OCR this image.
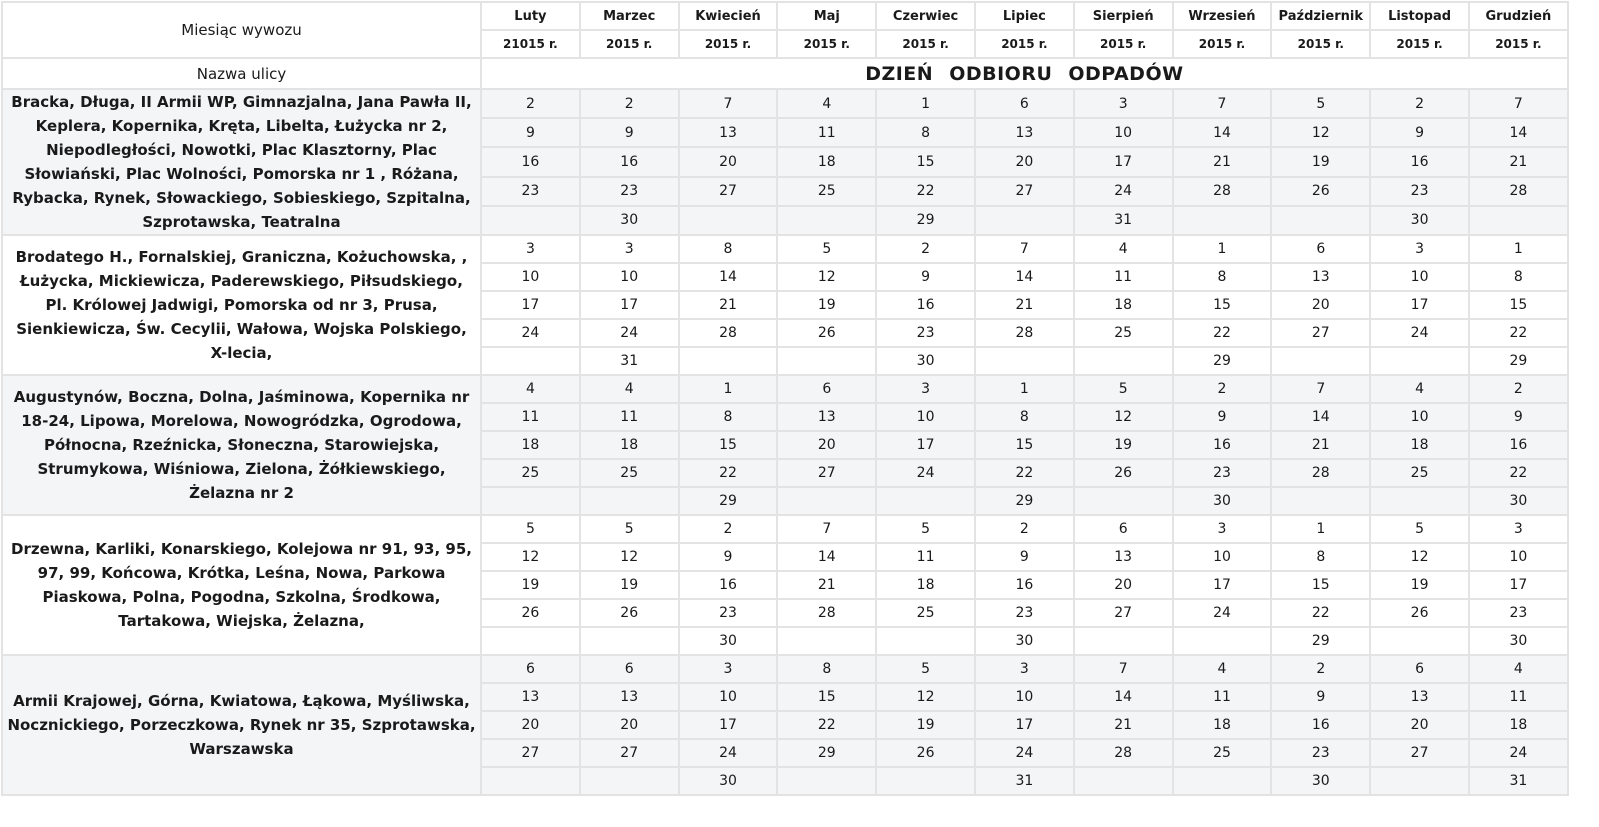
Miesiąc wywozu	Luty	Marzec	Kwiecień	Maj	Czerwiec	Lipiec	Sierpień	Wrzesień	Październik	Listopad	Grudzień
	21015 r.	2015 r.	2015 r.	2015 r.	2015 r.	2015 r.	2015 r.	2015 r.	2015 r.	2015 r.	2015 r.
Nazwa ulicy	DZIEŃ ODBIORU ODPADÓW										
Bracka, Długa, II Armii WP, Gimnazjalna, Jana Pawła II, Keplera, Kopernika, Kręta, Libelta, Łużycka nr 2, Niepodległości, Nowotki, Plac Klasztorny, Plac Słowiański, Plac Wolności, Pomorska nr 1 , Różana, Rybacka, Rynek, Słowackiego, Sobieskiego, Szpitalna, Szprotawska, Teatralna	2	2	7	4	1	6	3	7	5	2	7
	9	9	13	11	8	13	10	14	12	9	14
	16	16	20	18	15	20	17	21	19	16	21
	23	23	27	25	22	27	24	28	26	23	28
		30			29		31			30	
Brodatego H., Fornalskiej, Graniczna, Kożuchowska, , Łużycka, Mickiewicza, Paderewskiego, Piłsudskiego, Pl. Królowej Jadwigi, Pomorska od nr 3, Prusa, Sienkiewicza, Św. Cecylii, Wałowa, Wojska Polskiego, X-lecia,	3	3	8	5	2	7	4	1	6	3	1
	10	10	14	12	9	14	11	8	13	10	8
	17	17	21	19	16	21	18	15	20	17	15
	24	24	28	26	23	28	25	22	27	24	22
		31			30			29			29
Augustynów, Boczna, Dolna, Jaśminowa, Kopernika nr 18-24, Lipowa, Morelowa, Nowogródzka, Ogrodowa, Północna, Rzeźnicka, Słoneczna, Starowiejska, Strumykowa, Wiśniowa, Zielona, Żółkiewskiego, Żelazna nr 2	4	4	1	6	3	1	5	2	7	4	2
	11	11	8	13	10	8	12	9	14	10	9
	18	18	15	20	17	15	19	16	21	18	16
	25	25	22	27	24	22	26	23	28	25	22
			29			29		30			30
Drzewna, Karliki, Konarskiego, Kolejowa nr 91, 93, 95, 97, 99, Końcowa, Krótka, Leśna, Nowa, Parkowa Piaskowa, Polna, Pogodna, Szkolna, Środkowa, Tartakowa, Wiejska, Żelazna,	5	5	2	7	5	2	6	3	1	5	3
	12	12	9	14	11	9	13	10	8	12	10
	19	19	16	21	18	16	20	17	15	19	17
	26	26	23	28	25	23	27	24	22	26	23
			30			30			29		30
Armii Krajowej, Górna, Kwiatowa, Łąkowa, Myśliwska, Nocznickiego, Porzeczkowa, Rynek nr 35, Szprotawska, Warszawska	6	6	3	8	5	3	7	4	2	6	4
	13	13	10	15	12	10	14	11	9	13	11
	20	20	17	22	19	17	21	18	16	20	18
	27	27	24	29	26	24	28	25	23	27	24
			30			31			30		31
